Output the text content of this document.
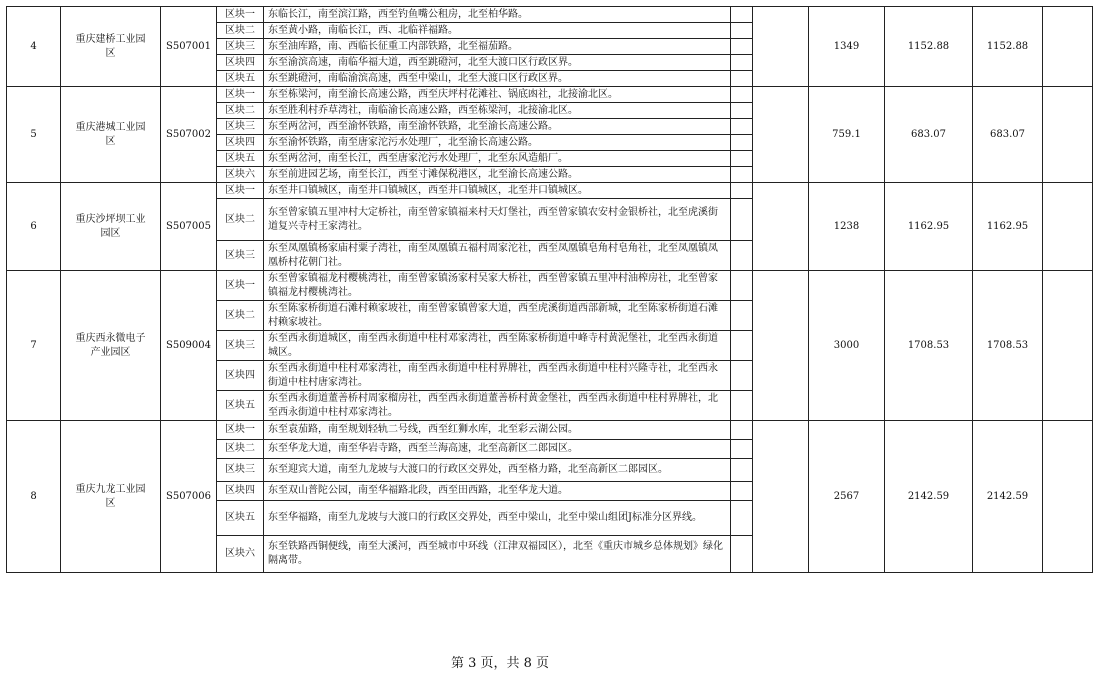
4	重庆建桥工业园区	S507001	区块一	东临长江，南至滨江路，西至钓鱼嘴公租房，北至柏华路。			1349	1152.88	1152.88	
			区块二	东至黄小路，南临长江，西、北临祥福路。						
			区块三	东至油库路，南、西临长征重工内部铁路，北至福茄路。						
			区块四	东至渝滨高速，南临华福大道，西至跳磴河，北至大渡口区行政区界。						
			区块五	东至跳磴河，南临渝滨高速，西至中梁山，北至大渡口区行政区界。						
5	重庆港城工业园区	S507002	区块一	东至栋梁河，南至渝长高速公路，西至庆坪村花滩社、锅底凼社，北接渝北区。			759.1	683.07	683.07	
			区块二	东至胜利村乔草湾社，南临渝长高速公路，西至栋梁河，北接渝北区。						
			区块三	东至两岔河，西至渝怀铁路，南至渝怀铁路，北至渝长高速公路。						
			区块四	东至渝怀铁路，南至唐家沱污水处理厂，北至渝长高速公路。						
			区块五	东至两岔河，南至长江，西至唐家沱污水处理厂，北至东风造船厂。						
			区块六	东至前进园艺场，南至长江，西至寸滩保税港区，北至渝长高速公路。						
6	重庆沙坪坝工业园区	S507005	区块一	东至井口镇城区，南至井口镇城区，西至井口镇城区，北至井口镇城区。			1238	1162.95	1162.95	
			区块二	东至曾家镇五里冲村大定桥社，南至曾家镇福来村天灯堡社，西至曾家镇农安村金银桥社，北至虎溪街道复兴寺村王家湾社。						
			区块三	东至凤凰镇杨家庙村粟子湾社，南至凤凰镇五福村周家沱社，西至凤凰镇皂角村皂角社，北至凤凰镇凤凰桥村花朝门社。						
7	重庆西永微电子产业园区	S509004	区块一	东至曾家镇福龙村樱桃湾社，南至曾家镇汤家村吴家大桥社，西至曾家镇五里冲村油榨房社，北至曾家镇福龙村樱桃湾社。			3000	1708.53	1708.53	
			区块二	东至陈家桥街道石滩村赖家坡社，南至曾家镇曾家大道，西至虎溪街道西部新城，北至陈家桥街道石滩村赖家坡社。						
			区块三	东至西永街道城区，南至西永街道中柱村邓家湾社，西至陈家桥街道中峰寺村黄泥堡社，北至西永街道城区。						
			区块四	东至西永街道中柱村邓家湾社，南至西永街道中柱村界牌社，西至西永街道中柱村兴隆寺社，北至西永街道中柱村唐家湾社。						
			区块五	东至西永街道董善桥村周家榴房社，西至西永街道董善桥村黄金堡社，西至西永街道中柱村界牌社，北至西永街道中柱村邓家湾社。						
8	重庆九龙工业园区	S507006	区块一	东至袁茄路，南至规划轻轨二号线，西至红狮水库，北至彩云湖公园。			2567	2142.59	2142.59	
			区块二	东至华龙大道，南至华岩寺路，西至兰海高速，北至高新区二郎园区。						
			区块三	东至迎宾大道，南至九龙坡与大渡口的行政区交界处，西至格力路，北至高新区二郎园区。						
			区块四	东至双山普陀公园，南至华福路北段，西至田西路，北至华龙大道。						
			区块五	东至华福路，南至九龙坡与大渡口的行政区交界处，西至中梁山，北至中梁山组团J标准分区界线。						
			区块六	东至铁路西铜便线，南至大溪河，西至城市中环线（江津双福园区），北至《重庆市城乡总体规划》绿化隔离带。						
第 3 页，共 8 页
